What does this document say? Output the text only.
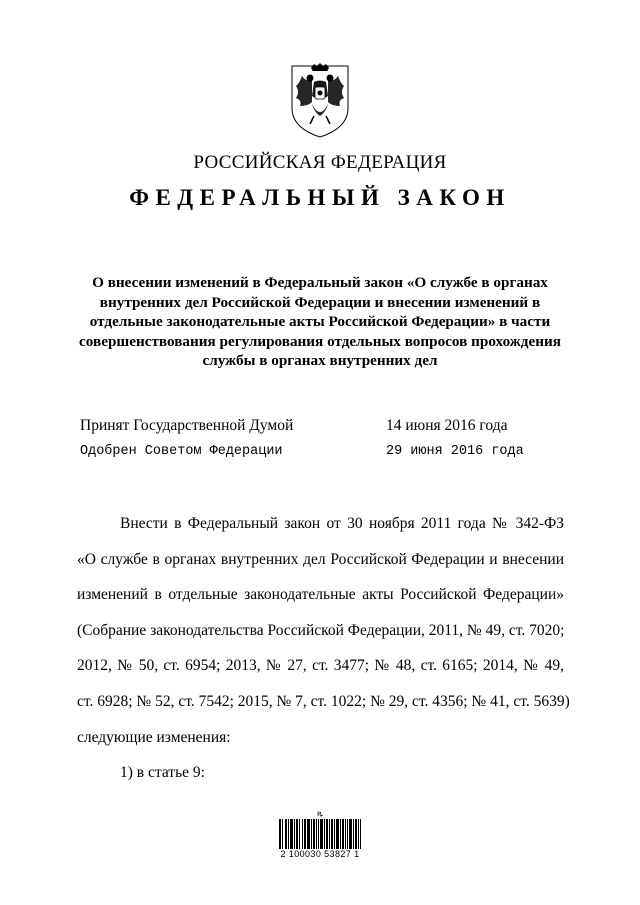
РОССИЙСКАЯ ФЕДЕРАЦИЯ
ФЕДЕРАЛЬНЫЙ ЗАКОН
О внесении изменений в Федеральный закон «О службе в органах
внутренних дел Российской Федерации и внесении изменений в
отдельные законодательные акты Российской Федерации» в части
совершенствования регулирования отдельных вопросов прохождения
службы в органах внутренних дел
Принят Государственной Думой	14 июня 2016 года
Одобрен Советом Федерации	29 июня 2016 года
Внести в Федеральный закон от 30 ноября 2011 года № 342-ФЗ
«О службе в органах внутренних дел Российской Федерации и внесении
изменений в отдельные законодательные акты Российской Федерации»
(Собрание законодательства Российской Федерации, 2011, № 49, ст. 7020;
2012, № 50, ст. 6954; 2013, № 27, ст. 3477; № 48, ст. 6165; 2014, № 49,
ст. 6928; № 52, ст. 7542; 2015, № 7, ст. 1022; № 29, ст. 4356; № 41, ст. 5639)
следующие изменения:
1) в статье 9:
ꝶ
2 100030 53827 1
